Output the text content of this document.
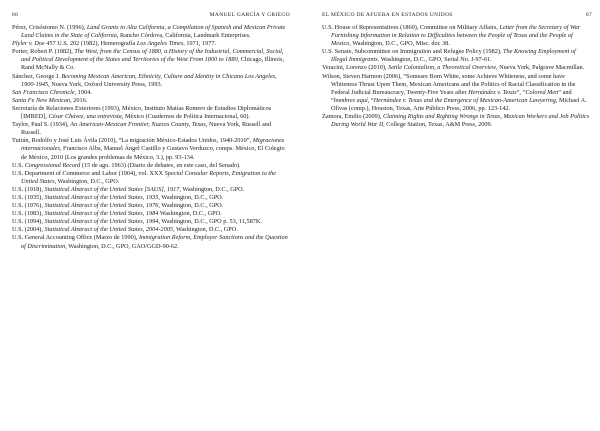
66	MANUEL GARCÍA Y GRIEGO
Pérez, Crisóstomo N. (1996), Land Grants in Alta California, a Compilation of Spanish and Mexican Private Land Claims in the State of California, Rancho Córdova, California, Landmark Enterprises.
Plyler v. Doe 457 U.S. 202 (1982), Hemerografía Los Angeles Times, 1971, 1977.
Porter, Robert P. (1882), The West, from the Census of 1880, a History of the Industrial, Commercial, Social, and Political Development of the States and Territories of the West From 1800 to 1880, Chicago, Illinois, Rand McNally & Co.
Sánchez, George J. Becoming Mexican American, Ethnicity, Culture and Identity in Chicano Los Angeles, 1900-1945, Nueva York, Oxford University Press, 1993.
San Francisco Chronicle, 1904.
Santa Fe New Mexican, 2016.
Secretaría de Relaciones Exteriores (1993), México, Instituto Matías Romero de Estudios Diplomáticos [IMRED], César Chávez, una entrevista, México (Cuadernos de Política Internacional, 60).
Taylor, Paul S. (1934), An American-Mexican Frontier, Nueces County, Texas, Nueva York, Russell and Russell.
Tuirán, Rodolfo y José Luis Ávila (2010), “La migración México-Estados Unidos, 1940-2010”, Migraciones internacionales, Francisco Alba, Manuel Ángel Castillo y Gustavo Verduzco, comps. México, El Colegio de México, 2010 (Los grandes problemas de México, 3.), pp. 93-134.
U.S. Congressional Record (15 de ago. 1963) (Diario de debates, en este caso, del Senado).
U.S. Department of Commerce and Labor (1904), vol. XXX Special Consular Reports, Emigration to the United States, Washington, D.C., GPO.
U.S. (1918), Statistical Abstract of the United States [SAUS], 1917, Washington, D.C., GPO.
U.S. (1935), Statistical Abstract of the United States, 1935, Washington, D.C., GPO.
U.S. (1976), Statistical Abstract of the United States, 1976, Washington, D.C., GPO.
U.S. (1983), Statistical Abstract of the United States, 1984 Washington, D.C., GPO.
U.S. (1994), Statistical Abstract of the United States, 1994, Washington, D.C., GPO p. 53, 11,587K.
U.S. (2004), Statistical Abstract of the United States, 2004-2005, Washington, D.C., GPO.
U.S. General Accounting Office (Marzo de 1990), Immigration Reform, Employer Sanctions and the Question of Discrimination, Washington, D.C., GPO, GAO/GGD-90-62.
EL MÉXICO DE AFUERA EN ESTADOS UNIDOS	67
U.S. House of Representatives (1860), Committee on Military Affairs, Letter from the Secretary of War Furnishing Information in Relation to Difficulties between the People of Texas and the People of Mexico, Washington, D.C., GPO, Misc. doc 38.
U.S. Senate, Subcommittee on Immigration and Refugee Policy (1982), The Knowing Employment of Illegal Immigrants. Washington, D.C., GPO, Serial No. J-97-61.
Veracini, Lorenzo (2010), Settle Colonialism, a Theoretical Overview, Nueva York, Palgrave Macmillan.
Wilson, Steven Harmon (2006), “Someare Born White, some Achieve Whiteness, and some have Whiteness Thrust Upon Them, Mexican Americans and the Politics of Racial Classification in the Federal Judicial Bureaucracy, Twenty-Five Years after Hernández v. Texas”, “Colored Men” and “hombres aquí, “Hernández v. Texas and the Emergence of Mexican-American Lawyering, Michael A. Olivas (comp.), Houston, Texas, Arte Público Press, 2006, pp. 123-142.
Zamora, Emilio (2009), Claiming Rights and Righting Wrongs in Texas, Mexican Workers and Job Politics During World War II, College Station, Texas, A&M Press, 2009.
